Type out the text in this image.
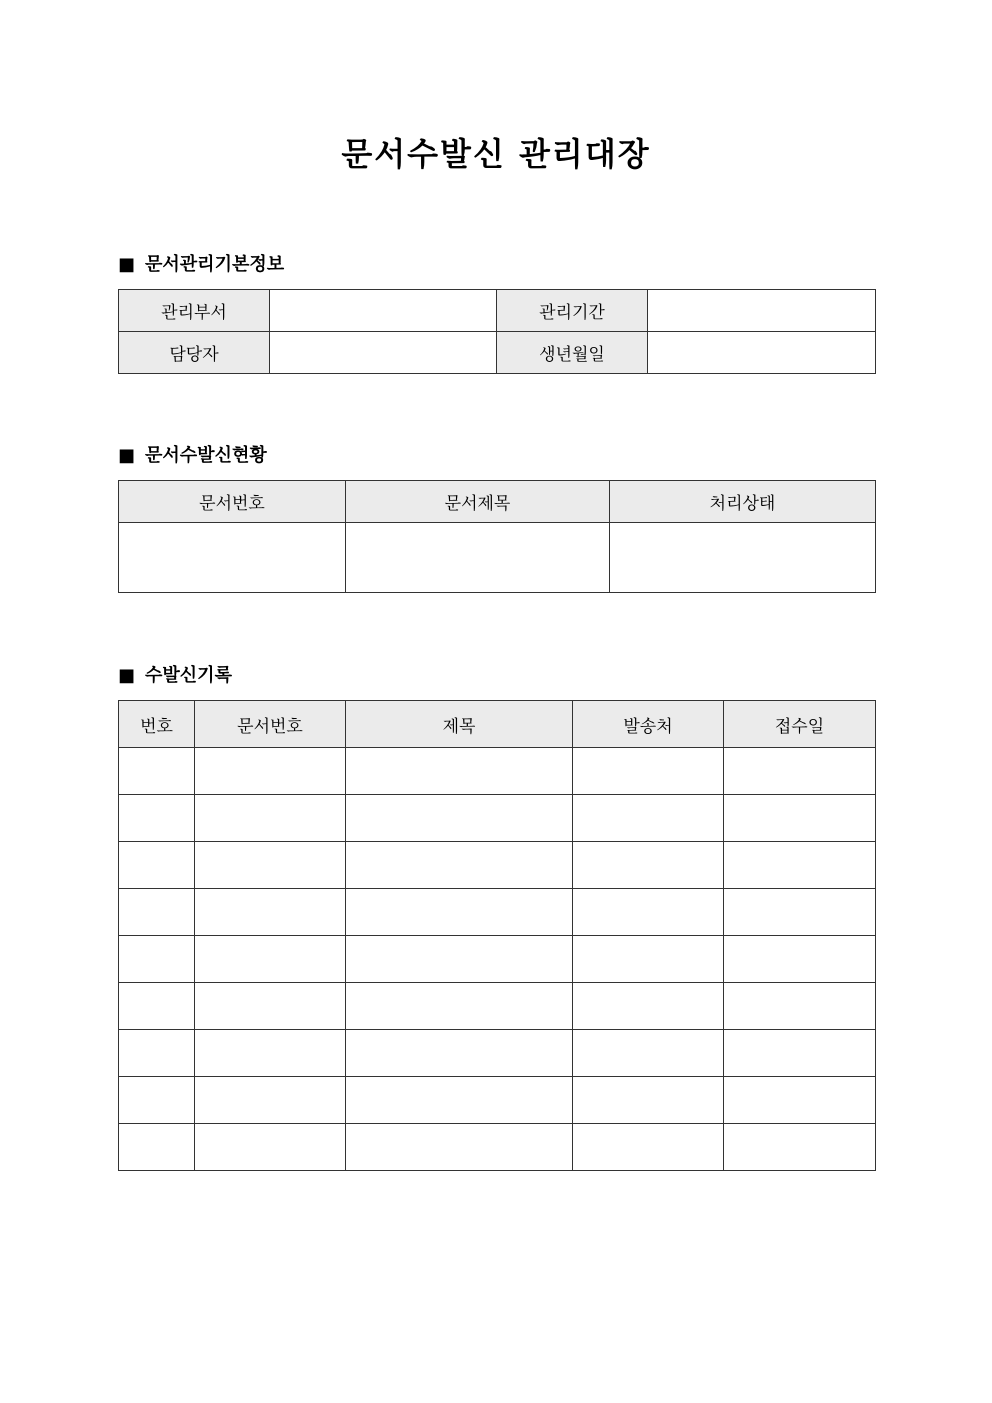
문서수발신 관리대장
■ 문서관리기본정보
관리부서		관리기간	
담당자		생년월일	
■ 문서수발신현황
문서번호	문서제목	처리상태

■ 수발신기록
번호	문서번호	제목	발송처	접수일
